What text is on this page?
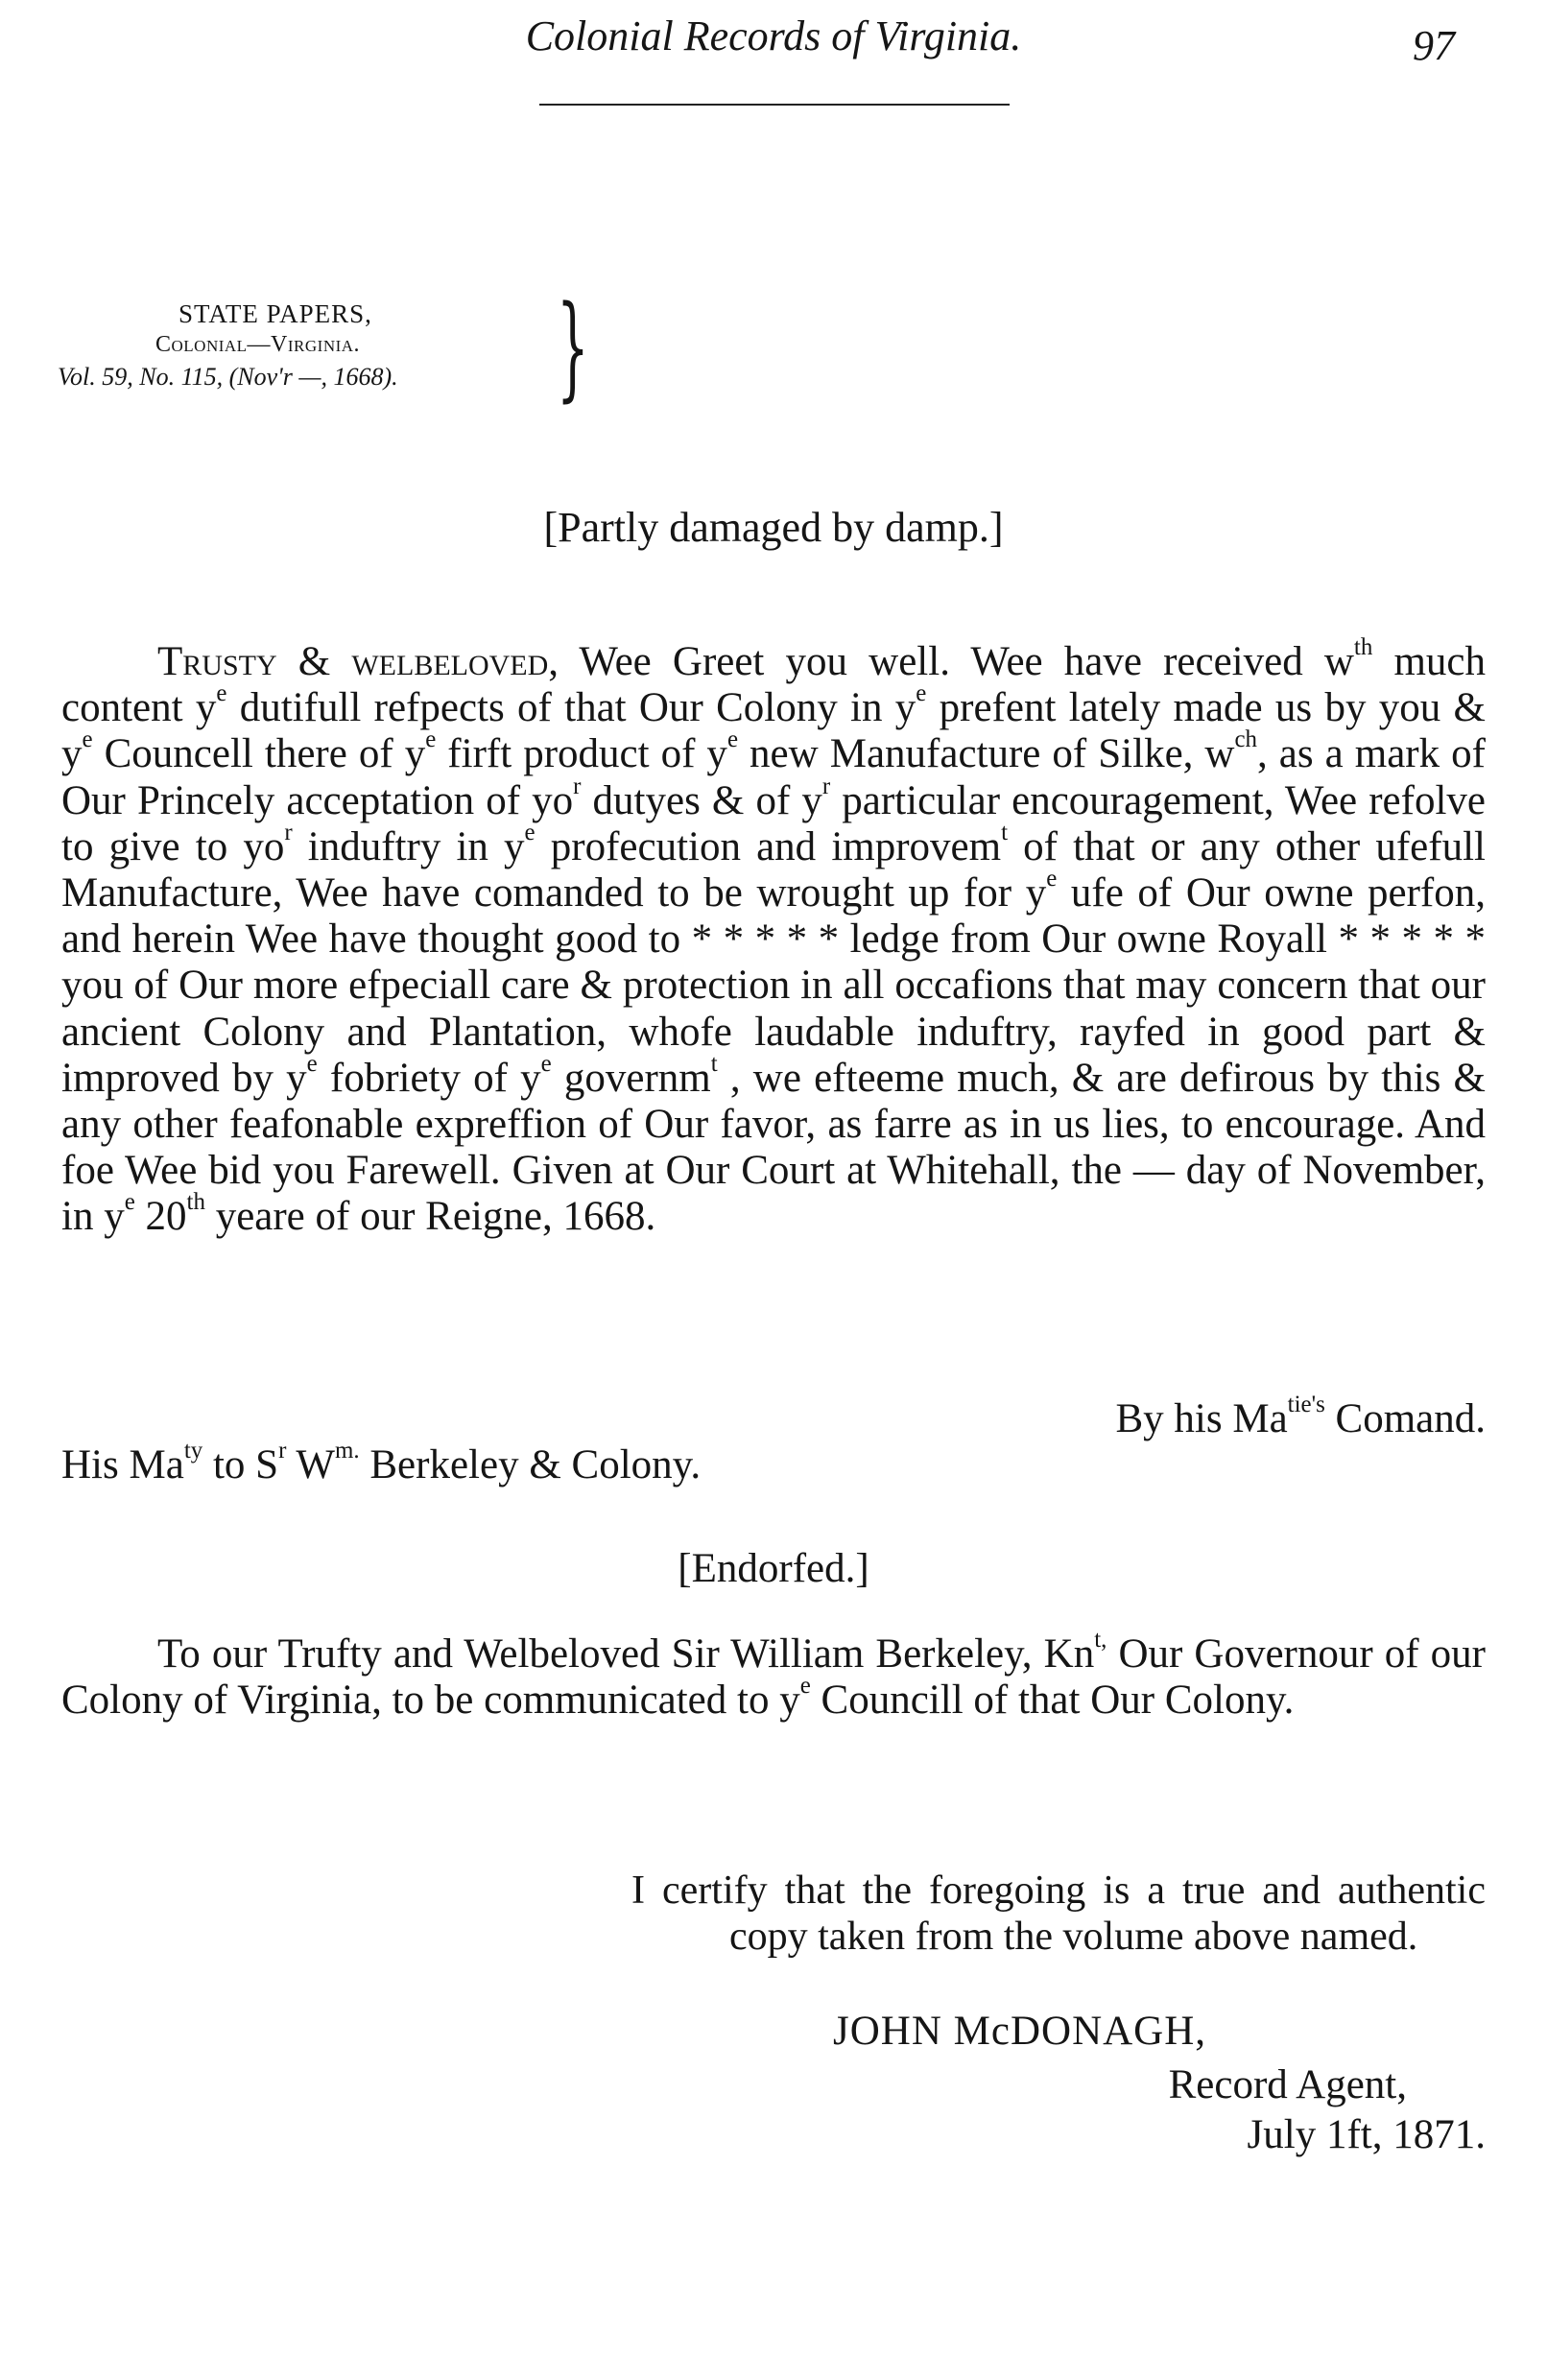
Colonial Records of Virginia.	97

STATE PAPERS,

Colonial—Virginia.

Vol. 59, No. 115, (Nov'r —, 1668). }

[Partly damaged by damp.]

Trusty & welbeloved, Wee Greet you well. Wee have received $w^{th}$ much content $y^e$ dutifull refpects of that Our Colony in $y^e$ prefent lately made us by you & $y^e$ Councell there of $y^e$ firft product of $y^e$ new Manufacture of Silke, $w^{ch}$, as a mark of Our Princely acceptation of $yo^r$ dutyes & of $y^r$ particular encouragement, Wee refolve to give to $yo^r$ induftry in $y^e$ profecution and improvem$^t$ of that or any other ufefull Manufacture, Wee have comanded to be wrought up for $y^e$ ufe of Our owne perfon, and herein Wee have thought good to * * * * * ledge from Our owne Royall * * * * * you of Our more efpeciall care & protection in all occafions that may concern that our ancient Colony and Plantation, whofe laudable induftry, rayfed in good part & improved by $y^e$ fobriety of $y^e$ governm$^t$ , we efteeme much, & are defirous by this & any other feafonable expreffion of Our favor, as farre as in us lies, to encourage. And foe Wee bid you Farewell. Given at Our Court at Whitehall, the — day of November, in $y^e$ 20th yeare of our Reigne, 1668.

By his $Ma^{tie's}$ Comand.

His $Ma^{ty}$ to $S^r$ $W^{m.}$ Berkeley & Colony.

[Endorfed.]

To our Trufty and Welbeloved Sir William Berkeley, $Kn^{t,}$ Our Governour of our Colony of Virginia, to be communicated to $y^e$ Councill of that Our Colony.

I certify that the foregoing is a true and authentic copy taken from the volume above named.

JOHN McDONAGH,

Record Agent,

July 1ft, 1871.
